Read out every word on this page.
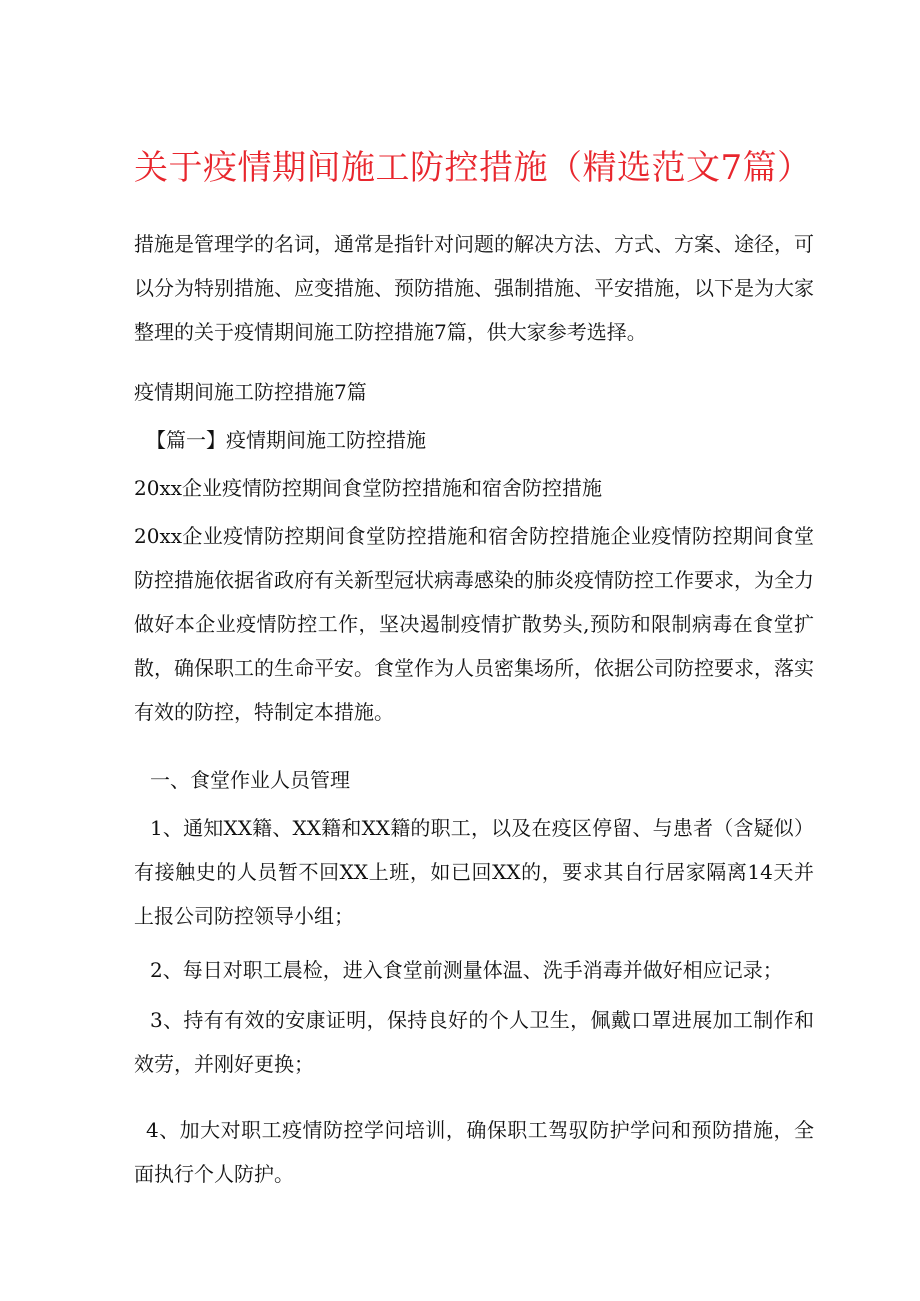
关于疫情期间施工防控措施（精选范文7篇）

措施是管理学的名词，通常是指针对问题的解决方法、方式、方案、途径，可以分为特别措施、应变措施、预防措施、强制措施、平安措施，以下是为大家整理的关于疫情期间施工防控措施7篇，供大家参考选择。

疫情期间施工防控措施7篇

【篇一】疫情期间施工防控措施

20xx企业疫情防控期间食堂防控措施和宿舍防控措施

20xx企业疫情防控期间食堂防控措施和宿舍防控措施企业疫情防控期间食堂防控措施依据省政府有关新型冠状病毒感染的肺炎疫情防控工作要求，为全力做好本企业疫情防控工作，坚决遏制疫情扩散势头,预防和限制病毒在食堂扩散，确保职工的生命平安。食堂作为人员密集场所，依据公司防控要求，落实有效的防控，特制定本措施。

一、食堂作业人员管理

1、通知XX籍、XX籍和XX籍的职工，以及在疫区停留、与患者（含疑似）有接触史的人员暂不回XX上班，如已回XX的，要求其自行居家隔离14天并上报公司防控领导小组；

2、每日对职工晨检，进入食堂前测量体温、洗手消毒并做好相应记录；

3、持有有效的安康证明，保持良好的个人卫生，佩戴口罩进展加工制作和效劳，并刚好更换；

4、加大对职工疫情防控学问培训，确保职工驾驭防护学问和预防措施，全面执行个人防护。
